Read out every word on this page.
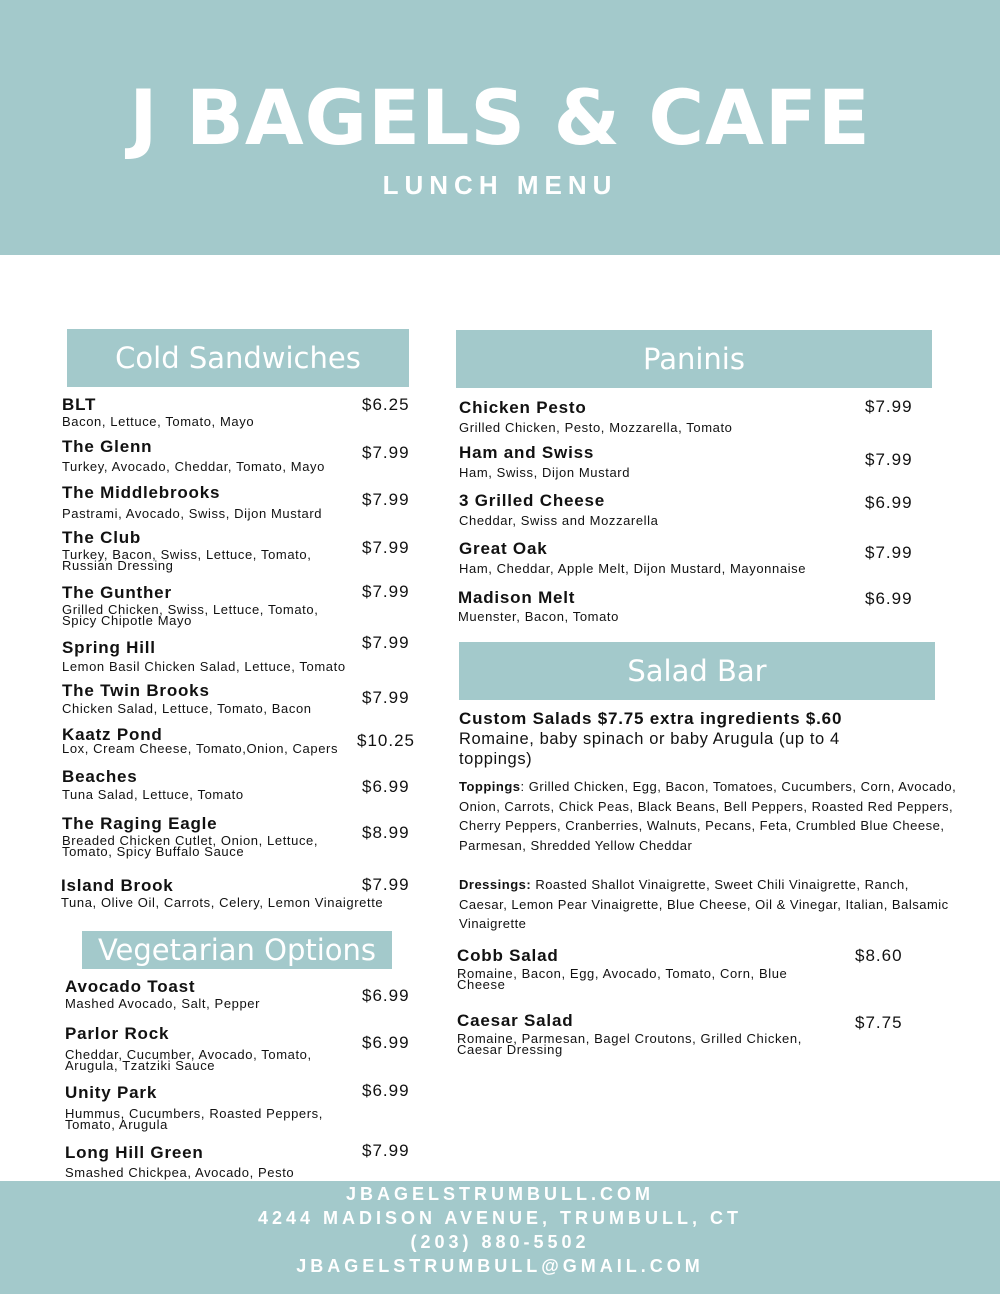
J BAGELS & CAFE
LUNCH MENU
Cold Sandwiches
BLT
Bacon, Lettuce, Tomato, Mayo
$6.25
The Glenn
Turkey, Avocado, Cheddar, Tomato, Mayo
$7.99
The Middlebrooks
Pastrami, Avocado, Swiss, Dijon Mustard
$7.99
The Club
Turkey, Bacon, Swiss, Lettuce, Tomato, Russian Dressing
$7.99
The Gunther
Grilled Chicken, Swiss, Lettuce, Tomato, Spicy Chipotle Mayo
$7.99
Spring Hill
Lemon Basil Chicken Salad, Lettuce, Tomato
$7.99
The Twin Brooks
Chicken Salad, Lettuce, Tomato, Bacon
$7.99
Kaatz Pond
Lox, Cream Cheese, Tomato,Onion, Capers $10.25
Beaches
Tuna Salad, Lettuce, Tomato	$6.99
The Raging Eagle
Breaded Chicken Cutlet, Onion, Lettuce, Tomato, Spicy Buffalo Sauce
$8.99
Island Brook
Tuna, Olive Oil, Carrots, Celery, Lemon Vinaigrette
$7.99
Vegetarian Options
Avocado Toast
Mashed Avocado, Salt, Pepper	$6.99
Parlor Rock
Cheddar, Cucumber, Avocado, Tomato, Arugula, Tzatziki Sauce
$6.99
Unity Park
Hummus, Cucumbers, Roasted Peppers, Tomato, Arugula
$6.99
Long Hill Green
Smashed Chickpea, Avocado, Pesto
$7.99
Paninis
Chicken Pesto
Grilled Chicken, Pesto, Mozzarella, Tomato
$7.99
Ham and Swiss
Ham, Swiss, Dijon Mustard
$7.99
3 Grilled Cheese
Cheddar, Swiss and Mozzarella
$6.99
Great Oak
Ham, Cheddar, Apple Melt, Dijon Mustard, Mayonnaise
$7.99
Madison Melt
Muenster, Bacon, Tomato
$6.99
Salad Bar
Custom Salads $7.75 extra ingredients $.60
Romaine, baby spinach or baby Arugula (up to 4 toppings)
Toppings: Grilled Chicken, Egg, Bacon, Tomatoes, Cucumbers, Corn, Avocado, Onion, Carrots, Chick Peas, Black Beans, Bell Peppers, Roasted Red Peppers, Cherry Peppers, Cranberries, Walnuts, Pecans, Feta, Crumbled Blue Cheese, Parmesan, Shredded Yellow Cheddar
Dressings: Roasted Shallot Vinaigrette, Sweet Chili Vinaigrette, Ranch, Caesar, Lemon Pear Vinaigrette, Blue Cheese, Oil & Vinegar, Italian, Balsamic Vinaigrette
Cobb Salad
Romaine, Bacon, Egg, Avocado, Tomato, Corn, Blue Cheese
$8.60
Caesar Salad
Romaine, Parmesan, Bagel Croutons, Grilled Chicken, Caesar Dressing
$7.75
JBAGELSTRUMBULL.COM
4244 MADISON AVENUE, TRUMBULL, CT
(203) 880-5502
JBAGELSTRUMBULL@GMAIL.COM
